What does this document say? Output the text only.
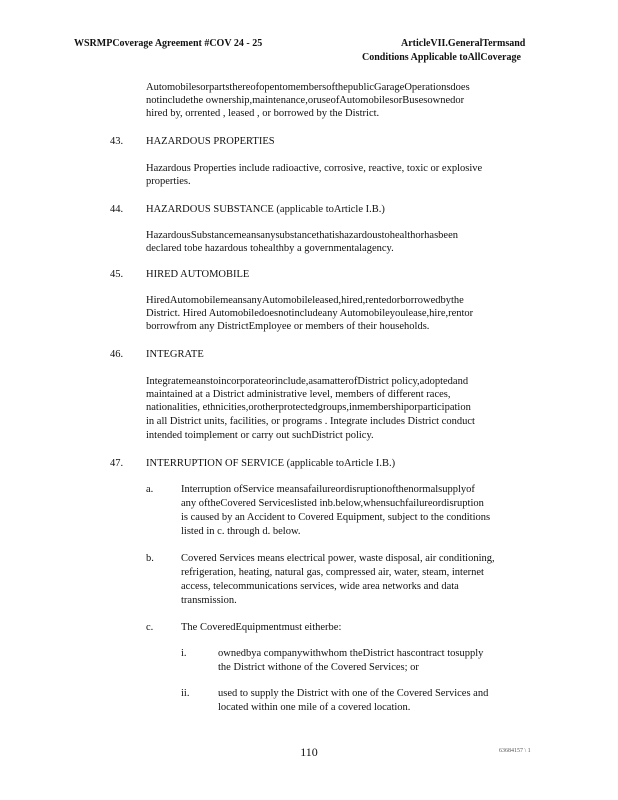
WSRMPCoverage Agreement #COV 24 - 25	ArticleVII.GeneralTermsand
Conditions Applicable toAllCoverage
AutomobilesorpartsthereofopentomembersofthepublicGarageOperationsdoes
notincludethe ownership,maintenance,oruseofAutomobilesorBusesownedor
hired by, orrented , leased , or borrowed by the District.
43. HAZARDOUS PROPERTIES
Hazardous Properties include radioactive, corrosive, reactive, toxic or explosive
properties.
44. HAZARDOUS SUBSTANCE (applicable toArticle I.B.)
HazardousSubstancemeansanysubstancethatishazardoustohealthorhasbeen
declared tobe hazardous tohealthby a governmentalagency.
45. HIRED AUTOMOBILE
HiredAutomobilemeansanyAutomobileleased,hired,rentedorborrowedbythe
District. Hired Automobiledoesnotincludeany Automobileyoulease,hire,rentor
borrowfrom any DistrictEmployee or members of their households.
46. INTEGRATE
Integratemeanstoincorporateorinclude,asamatterofDistrict policy,adoptedand
maintained at a District administrative level, members of different races,
nationalities, ethnicities,orotherprotectedgroups,inmembershiporparticipation
in all District units, facilities, or programs . Integrate includes District conduct
intended toimplement or carry out suchDistrict policy.
47. INTERRUPTION OF SERVICE (applicable toArticle I.B.)
a.	Interruption ofService meansafailureordisruptionofthenormalsupplyof
any oftheCovered Serviceslisted inb.below,whensuchfailureordisruption
is caused by an Accident to Covered Equipment, subject to the conditions
listed in c. through d. below.
b.	Covered Services means electrical power, waste disposal, air conditioning,
refrigeration, heating, natural gas, compressed air, water, steam, internet
access, telecommunications services, wide area networks and data
transmission.
c.	The CoveredEquipmentmust eitherbe:
i.	ownedbya companywithwhom theDistrict hascontract tosupply
the District withone of the Covered Services; or
ii.	used to supply the District with one of the Covered Services and
located within one mile of a covered location.
110	63684157 \ 1
